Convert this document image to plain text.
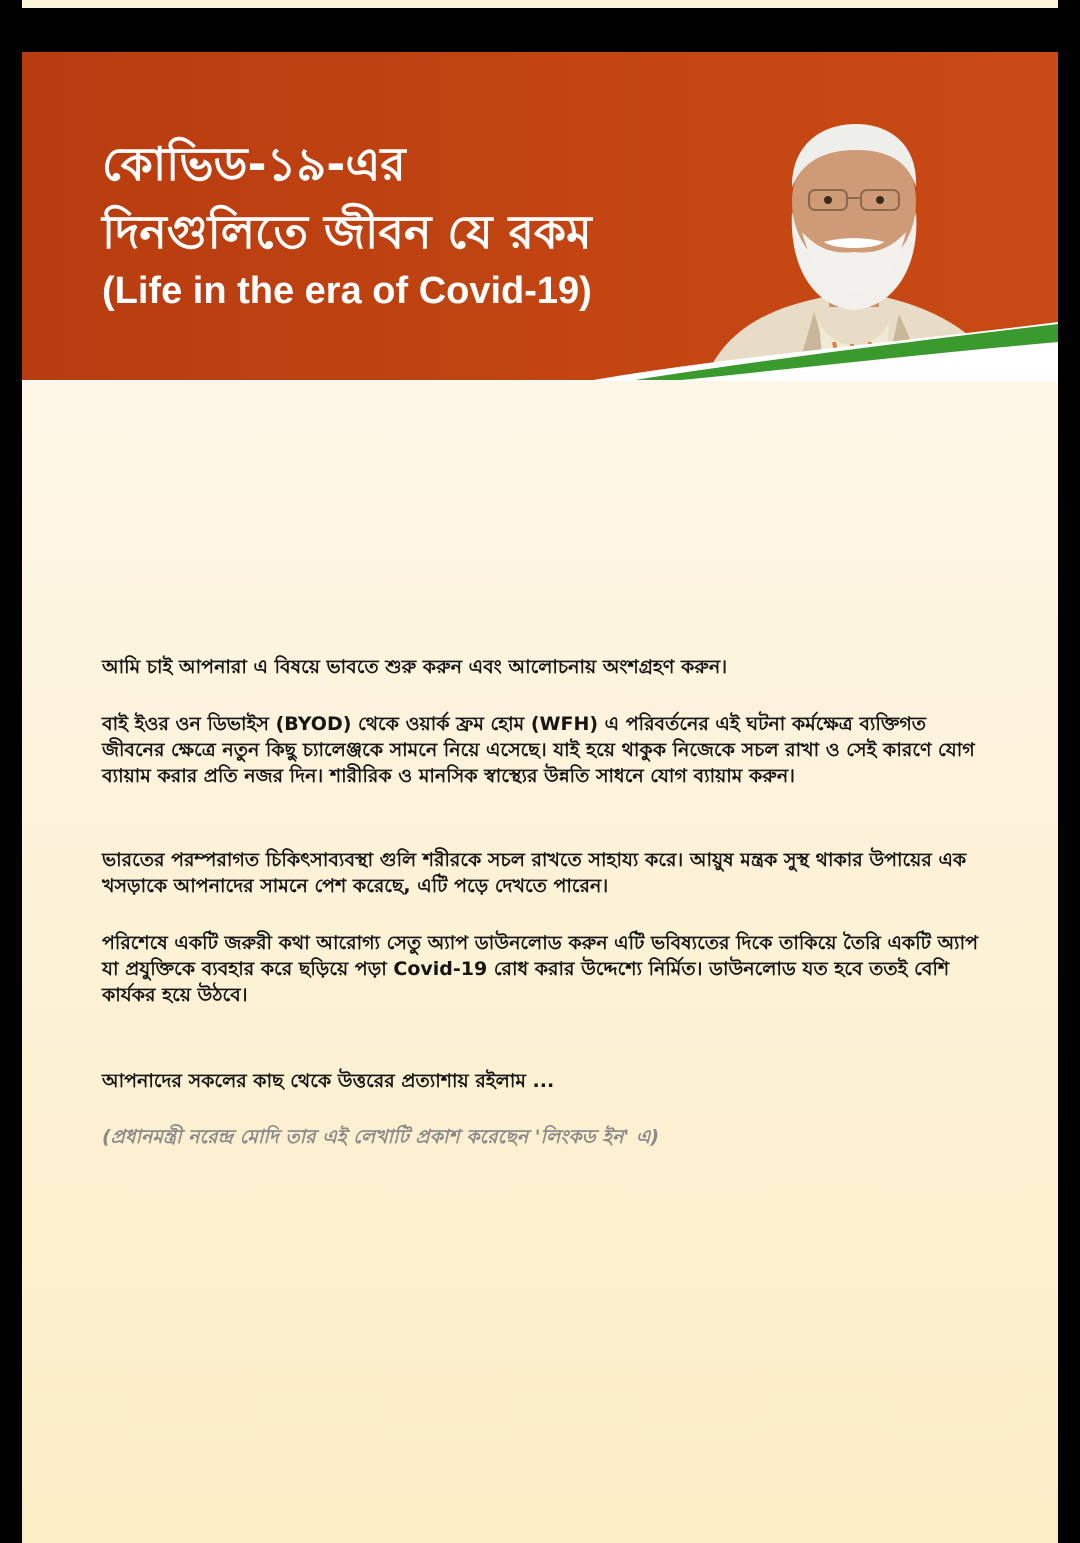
কোভিড-১৯-এর
দিনগুলিতে জীবন যে রকম
(Life in the era of Covid-19)
আমি চাই আপনারা এ বিষয়ে ভাবতে শুরু করুন এবং আলোচনায় অংশগ্রহণ করুন।
বাই ইওর ওন ডিভাইস (BYOD) থেকে ওয়ার্ক ফ্রম হোম (WFH) এ পরিবর্তনের এই ঘটনা কর্মক্ষেত্র ব্যক্তিগত জীবনের ক্ষেত্রে নতুন কিছু চ্যালেঞ্জকে সামনে নিয়ে এসেছে। যাই হয়ে থাকুক নিজেকে সচল রাখা ও সেই কারণে যোগ ব্যায়াম করার প্রতি নজর দিন। শারীরিক ও মানসিক স্বাস্থ্যের উন্নতি সাধনে যোগ ব্যায়াম করুন।
ভারতের পরম্পরাগত চিকিৎসাব্যবস্থা গুলি শরীরকে সচল রাখতে সাহায্য করে। আয়ুষ মন্ত্রক সুস্থ থাকার উপায়ের এক খসড়াকে আপনাদের সামনে পেশ করেছে, এটি পড়ে দেখতে পারেন।
পরিশেষে একটি জরুরী কথা আরোগ্য সেতু অ্যাপ ডাউনলোড করুন এটি ভবিষ্যতের দিকে তাকিয়ে তৈরি একটি অ্যাপ যা প্রযুক্তিকে ব্যবহার করে ছড়িয়ে পড়া Covid-19 রোধ করার উদ্দেশ্যে নির্মিত। ডাউনলোড যত হবে ততই বেশি কার্যকর হয়ে উঠবে।
আপনাদের সকলের কাছ থেকে উত্তরের প্রত্যাশায় রইলাম ...
(প্রধানমন্ত্রী নরেন্দ্র মোদি তার এই লেখাটি প্রকাশ করেছেন 'লিংকড ইন' এ)
